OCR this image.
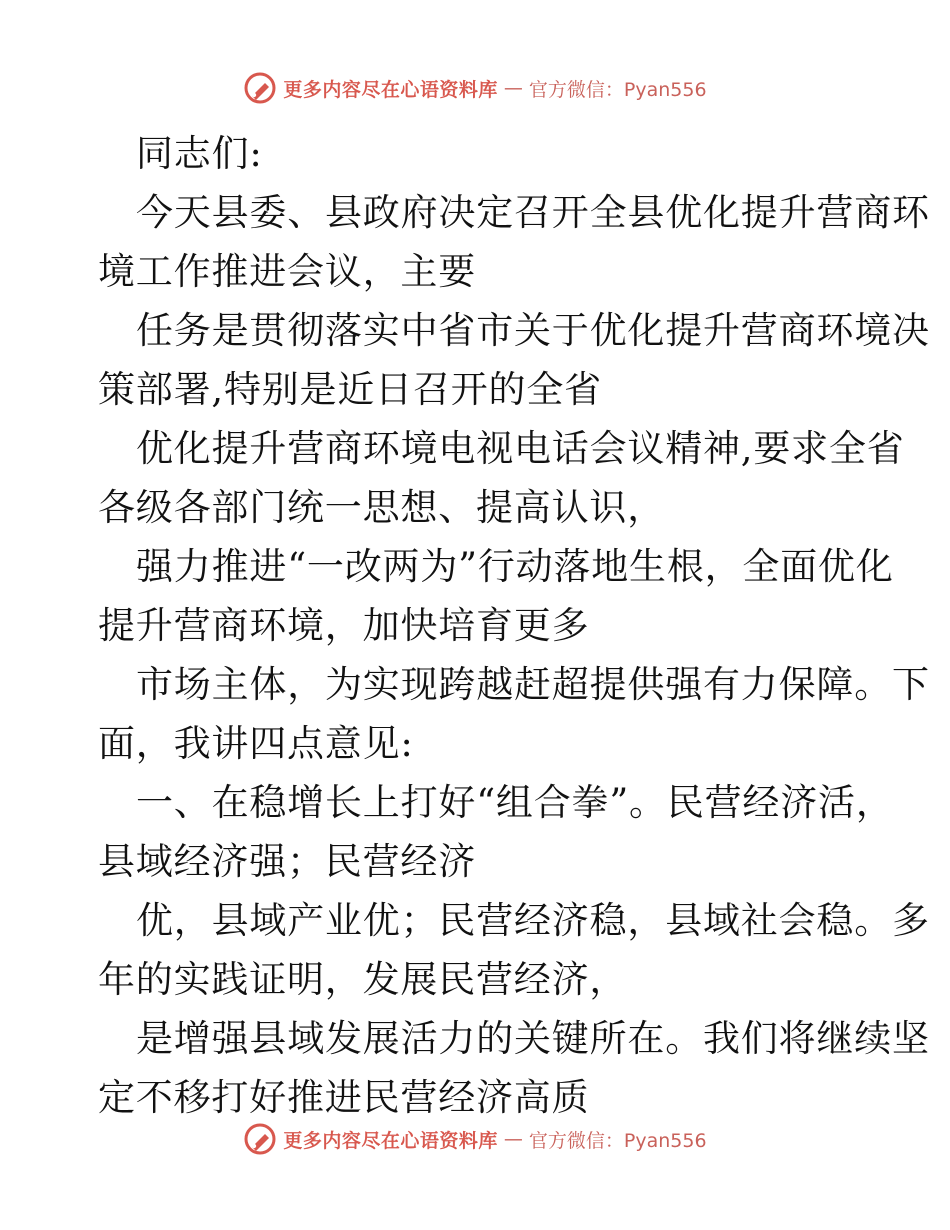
更多内容尽在心语资料库 — 官方微信：Pyan556
同志们:
今天县委、县政府决定召开全县优化提升营商环
境工作推进会议，主要
任务是贯彻落实中省市关于优化提升营商环境决
策部署,特别是近日召开的全省
优化提升营商环境电视电话会议精神,要求全省
各级各部门统一思想、提高认识，
强力推进“一改两为”行动落地生根，全面优化
提升营商环境，加快培育更多
市场主体，为实现跨越赶超提供强有力保障。下
面，我讲四点意见:
一、在稳增长上打好“组合拳”。民营经济活，
县域经济强；民营经济
优，县域产业优；民营经济稳，县域社会稳。多
年的实践证明，发展民营经济，
是增强县域发展活力的关键所在。我们将继续坚
定不移打好推进民营经济高质
更多内容尽在心语资料库 — 官方微信：Pyan556
